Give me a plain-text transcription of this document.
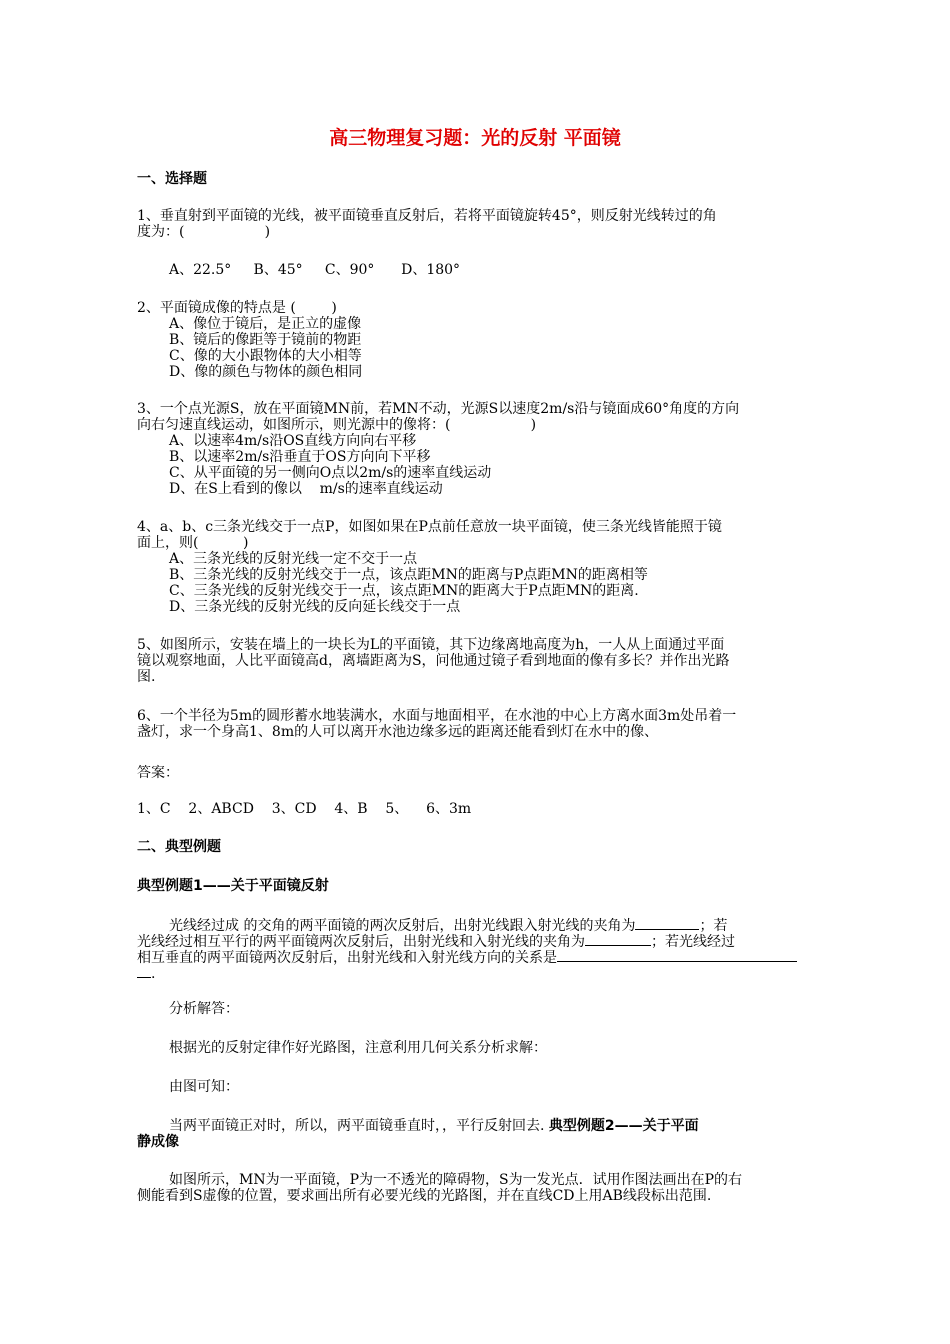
高三物理复习题：光的反射 平面镜
一、选择题
1、垂直射到平面镜的光线，被平面镜垂直反射后，若将平面镜旋转45°，则反射光线转过的角
度为：(                  )
A、22.5°     B、45°     C、90°      D、180°
2、平面镜成像的特点是 (        )
A、像位于镜后，是正立的虚像
B、镜后的像距等于镜前的物距
C、像的大小跟物体的大小相等
D、像的颜色与物体的颜色相同
3、一个点光源S，放在平面镜MN前，若MN不动，光源S以速度2m/s沿与镜面成60°角度的方向
向右匀速直线运动，如图所示，则光源中的像将：(                  )
A、以速率4m/s沿OS直线方向向右平移
B、以速率2m/s沿垂直于OS方向向下平移
C、从平面镜的另一侧向O点以2m/s的速率直线运动
D、在S上看到的像以    m/s的速率直线运动
4、a、b、c三条光线交于一点P，如图如果在P点前任意放一块平面镜，使三条光线皆能照于镜
面上，则(          )
A、三条光线的反射光线一定不交于一点
B、三条光线的反射光线交于一点，该点距MN的距离与P点距MN的距离相等
C、三条光线的反射光线交于一点，该点距MN的距离大于P点距MN的距离.
D、三条光线的反射光线的反向延长线交于一点
5、如图所示，安装在墙上的一块长为L的平面镜，其下边缘离地高度为h，一人从上面通过平面
镜以观察地面，人比平面镜高d，离墙距离为S，问他通过镜子看到地面的像有多长？并作出光路
图.
6、一个半径为5m的圆形蓄水地装满水，水面与地面相平，在水池的中心上方离水面3m处吊着一
盏灯，求一个身高1、8m的人可以离开水池边缘多远的距离还能看到灯在水中的像、
答案：
1、C    2、ABCD    3、CD    4、B    5、    6、3m
二、典型例题
典型例题1——关于平面镜反射
光线经过成 的交角的两平面镜的两次反射后，出射光线跟入射光线的夹角为	；若
光线经过相互平行的两平面镜两次反射后，出射光线和入射光线的夹角为	；若光线经过
相互垂直的两平面镜两次反射后，出射光线和入射光线方向的关系是
.
分析解答：
根据光的反射定律作好光路图，注意利用几何关系分析求解：
由图可知：
当两平面镜正对时，所以，两平面镜垂直时，，平行反射回去. 典型例题2——关于平面
静成像
如图所示，MN为一平面镜，P为一不透光的障碍物，S为一发光点．试用作图法画出在P的右
侧能看到S虚像的位置，要求画出所有必要光线的光路图，并在直线CD上用AB线段标出范围.
